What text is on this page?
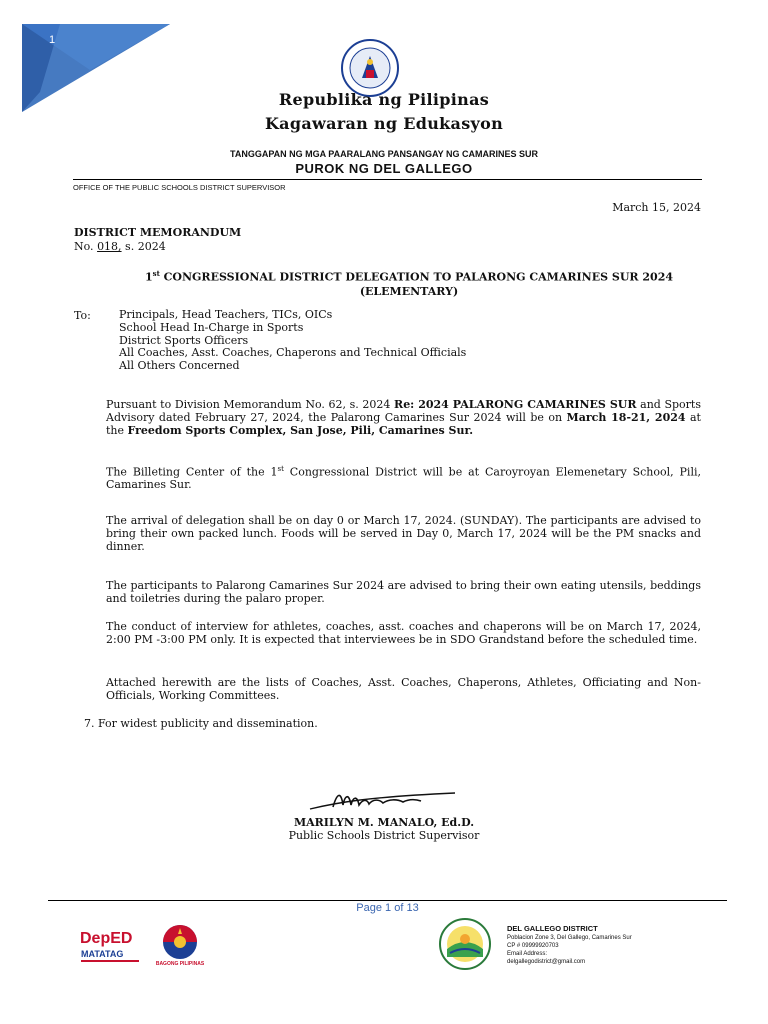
1
Republika ng Pilipinas
Kagawaran ng Edukasyon
TANGGAPAN NG MGA PAARALANG PANSANGAY NG CAMARINES SUR
PUROK NG DEL GALLEGO
OFFICE OF THE PUBLIC SCHOOLS DISTRICT SUPERVISOR
March 15, 2024
DISTRICT MEMORANDUM
No. 018, s. 2024
1st CONGRESSIONAL DISTRICT DELEGATION TO PALARONG CAMARINES SUR 2024
(ELEMENTARY)
To:	Principals, Head Teachers, TICs, OICs
School Head In-Charge in Sports
District Sports Officers
All Coaches, Asst. Coaches, Chaperons and Technical Officials
All Others Concerned
Pursuant to Division Memorandum No. 62, s. 2024 Re: 2024 PALARONG CAMARINES SUR and Sports Advisory dated February 27, 2024, the Palarong Camarines Sur 2024 will be on March 18-21, 2024 at the Freedom Sports Complex, San Jose, Pili, Camarines Sur.
The Billeting Center of the 1st Congressional District will be at Caroyroyan Elemenetary School, Pili, Camarines Sur.
The arrival of delegation shall be on day 0 or March 17, 2024. (SUNDAY). The participants are advised to bring their own packed lunch. Foods will be served in Day 0, March 17, 2024 will be the PM snacks and dinner.
The participants to Palarong Camarines Sur 2024 are advised to bring their own eating utensils, beddings and toiletries during the palaro proper.
The conduct of interview for athletes, coaches, asst. coaches and chaperons will be on March 17, 2024, 2:00 PM -3:00 PM only. It is expected that interviewees be in SDO Grandstand before the scheduled time.
Attached herewith are the lists of Coaches, Asst. Coaches, Chaperons, Athletes, Officiating and Non-Officials, Working Committees.
7. For widest publicity and dissemination.
MARILYN M. MANALO, Ed.D.
Public Schools District Supervisor
Page 1 of 13
DepED
MATATAG
BAGONG PILIPINAS
DEL GALLEGO DISTRICT
Poblacion Zone 3, Del Gallego, Camarines Sur
CP # 09999920703
Email Address:
delgallegodistrict@gmail.com
